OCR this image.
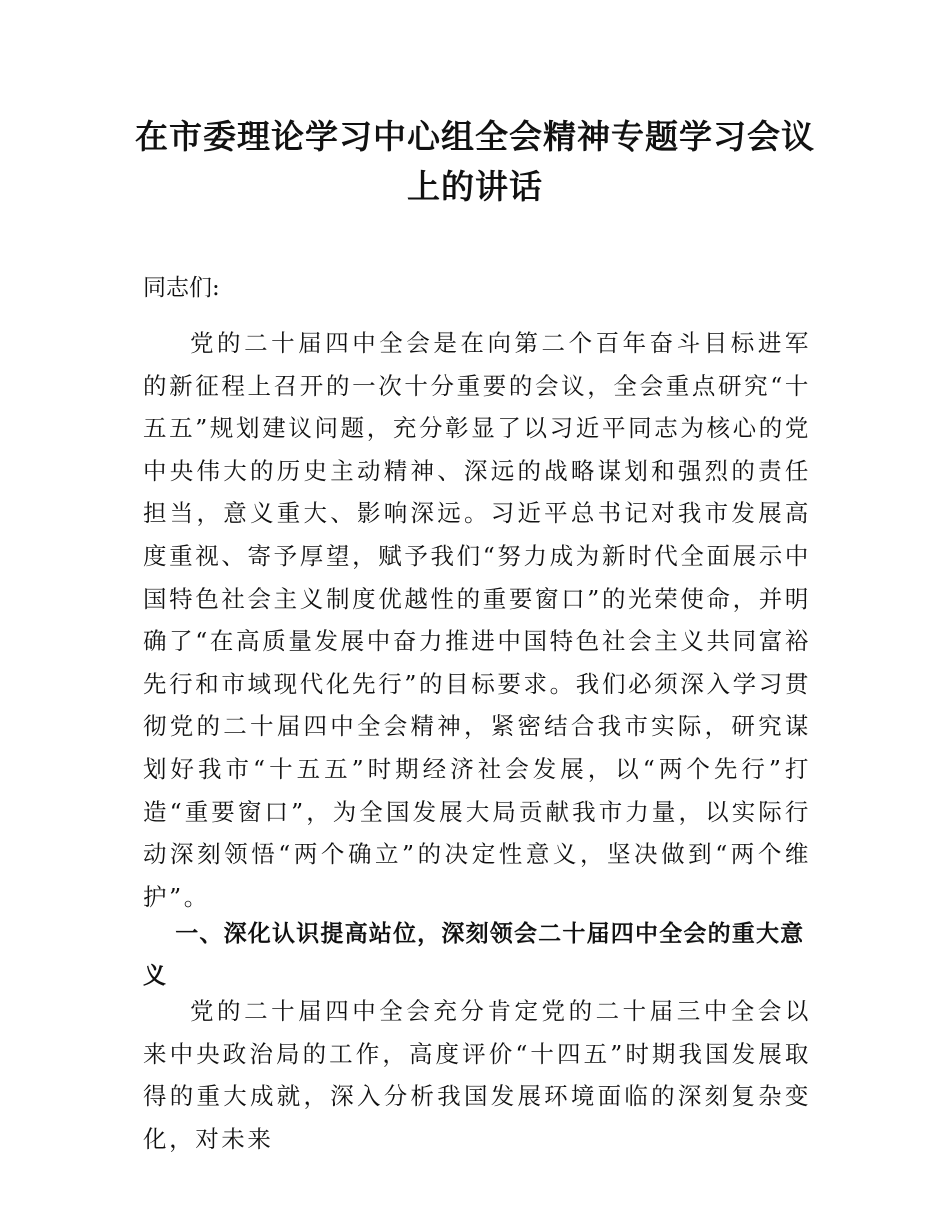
在市委理论学习中心组全会精神专题学习会议上的讲话

同志们:

党的二十届四中全会是在向第二个百年奋斗目标进军的新征程上召开的一次十分重要的会议，全会重点研究“十五五”规划建议问题，充分彰显了以习近平同志为核心的党中央伟大的历史主动精神、深远的战略谋划和强烈的责任担当，意义重大、影响深远。习近平总书记对我市发展高度重视、寄予厚望，赋予我们“努力成为新时代全面展示中国特色社会主义制度优越性的重要窗口”的光荣使命，并明确了“在高质量发展中奋力推进中国特色社会主义共同富裕先行和市域现代化先行”的目标要求。我们必须深入学习贯彻党的二十届四中全会精神，紧密结合我市实际，研究谋划好我市“十五五”时期经济社会发展，以“两个先行”打造“重要窗口”，为全国发展大局贡献我市力量，以实际行动深刻领悟“两个确立”的决定性意义，坚决做到“两个维护”。

一、深化认识提高站位，深刻领会二十届四中全会的重大意义

党的二十届四中全会充分肯定党的二十届三中全会以来中央政治局的工作，高度评价“十四五”时期我国发展取得的重大成就，深入分析我国发展环境面临的深刻复杂变化，对未来
